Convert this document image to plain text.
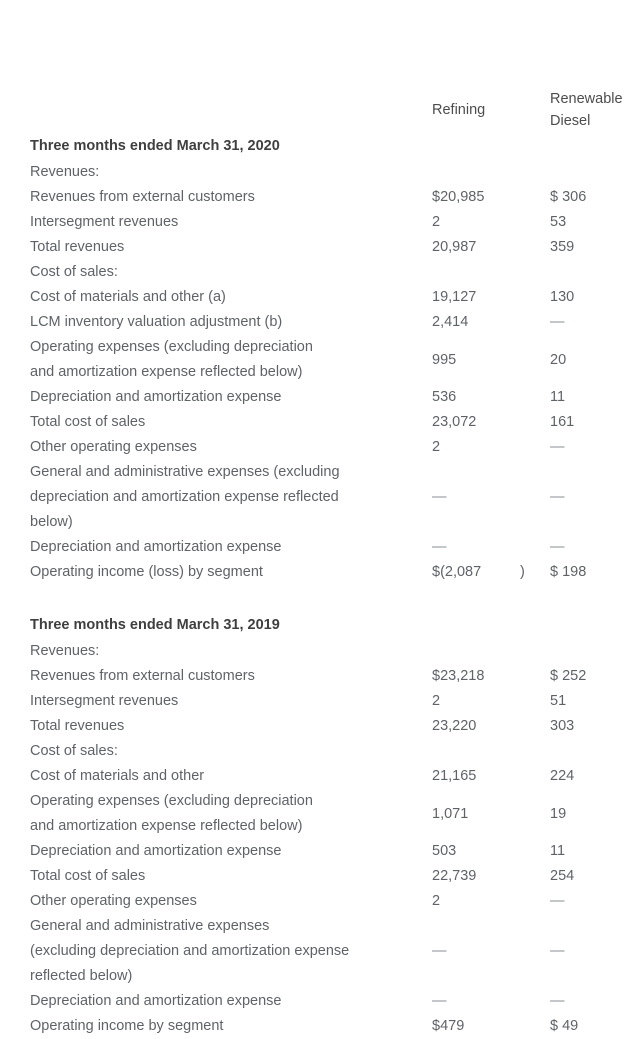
	Refining		Renewable
Diesel

Three months ended March 31, 2020			
Revenues:			
Revenues from external customers	$20,985		$ 306
Intersegment revenues	2		53
Total revenues	20,987		359
Cost of sales:			
Cost of materials and other (a)	19,127		130
LCM inventory valuation adjustment (b)	2,414		—

Operating expenses (excluding depreciation
and amortization expense reflected below)	995		20
Depreciation and amortization expense	536		11
Total cost of sales	23,072		161
Other operating expenses	2		—

General and administrative expenses (excluding
depreciation and amortization expense reflected
below)	—		—
Depreciation and amortization expense	—		—
Operating income (loss) by segment	$(2,087	)	$ 198

Three months ended March 31, 2019			
Revenues:			
Revenues from external customers	$23,218		$ 252
Intersegment revenues	2		51
Total revenues	23,220		303
Cost of sales:			
Cost of materials and other	21,165		224

Operating expenses (excluding depreciation
and amortization expense reflected below)	1,071		19
Depreciation and amortization expense	503		11
Total cost of sales	22,739		254
Other operating expenses	2		—

General and administrative expenses
(excluding depreciation and amortization expense
reflected below)	—		—
Depreciation and amortization expense	—		—
Operating income by segment	$479		$ 49
